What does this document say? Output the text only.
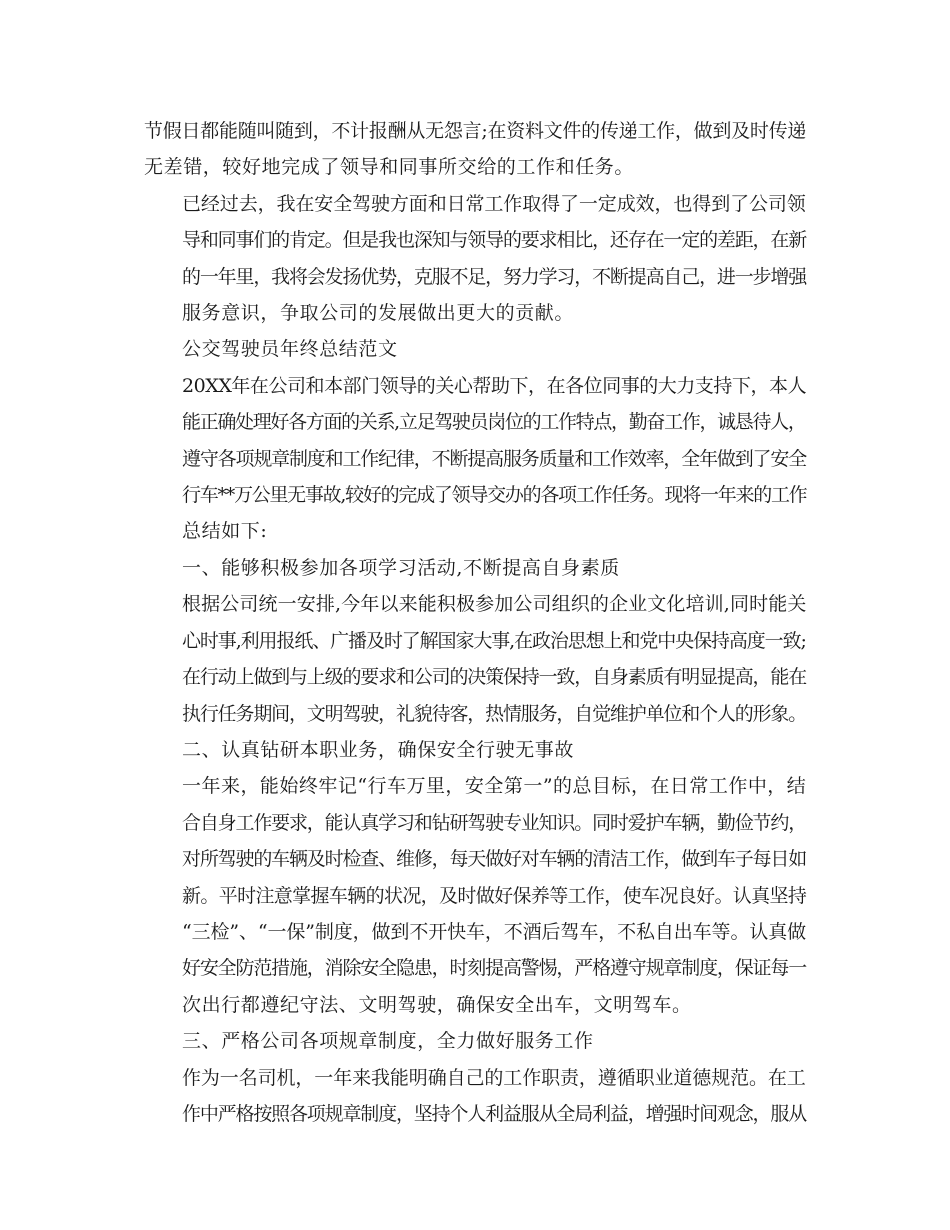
节假日都能随叫随到，不计报酬从无怨言;在资料文件的传递工作，做到及时传递
无差错，较好地完成了领导和同事所交给的工作和任务。
已经过去，我在安全驾驶方面和日常工作取得了一定成效，也得到了公司领
导和同事们的肯定。但是我也深知与领导的要求相比，还存在一定的差距，在新
的一年里，我将会发扬优势，克服不足，努力学习，不断提高自己，进一步增强
服务意识，争取公司的发展做出更大的贡献。
公交驾驶员年终总结范文
20XX年在公司和本部门领导的关心帮助下，在各位同事的大力支持下，本人
能正确处理好各方面的关系,立足驾驶员岗位的工作特点，勤奋工作，诚恳待人，
遵守各项规章制度和工作纪律，不断提高服务质量和工作效率，全年做到了安全
行车**万公里无事故,较好的完成了领导交办的各项工作任务。现将一年来的工作
总结如下:
一、能够积极参加各项学习活动,不断提高自身素质
根据公司统一安排,今年以来能积极参加公司组织的企业文化培训,同时能关
心时事,利用报纸、广播及时了解国家大事,在政治思想上和党中央保持高度一致;
在行动上做到与上级的要求和公司的决策保持一致，自身素质有明显提高，能在
执行任务期间，文明驾驶，礼貌待客，热情服务，自觉维护单位和个人的形象。
二、认真钻研本职业务，确保安全行驶无事故
一年来，能始终牢记“行车万里，安全第一”的总目标，在日常工作中，结
合自身工作要求，能认真学习和钻研驾驶专业知识。同时爱护车辆，勤俭节约，
对所驾驶的车辆及时检查、维修，每天做好对车辆的清洁工作，做到车子每日如
新。平时注意掌握车辆的状况，及时做好保养等工作，使车况良好。认真坚持
“三检”、“一保”制度，做到不开快车，不酒后驾车，不私自出车等。认真做
好安全防范措施，消除安全隐患，时刻提高警惕，严格遵守规章制度，保证每一
次出行都遵纪守法、文明驾驶，确保安全出车，文明驾车。
三、严格公司各项规章制度，全力做好服务工作
作为一名司机，一年来我能明确自己的工作职责，遵循职业道德规范。在工
作中严格按照各项规章制度，坚持个人利益服从全局利益，增强时间观念，服从
